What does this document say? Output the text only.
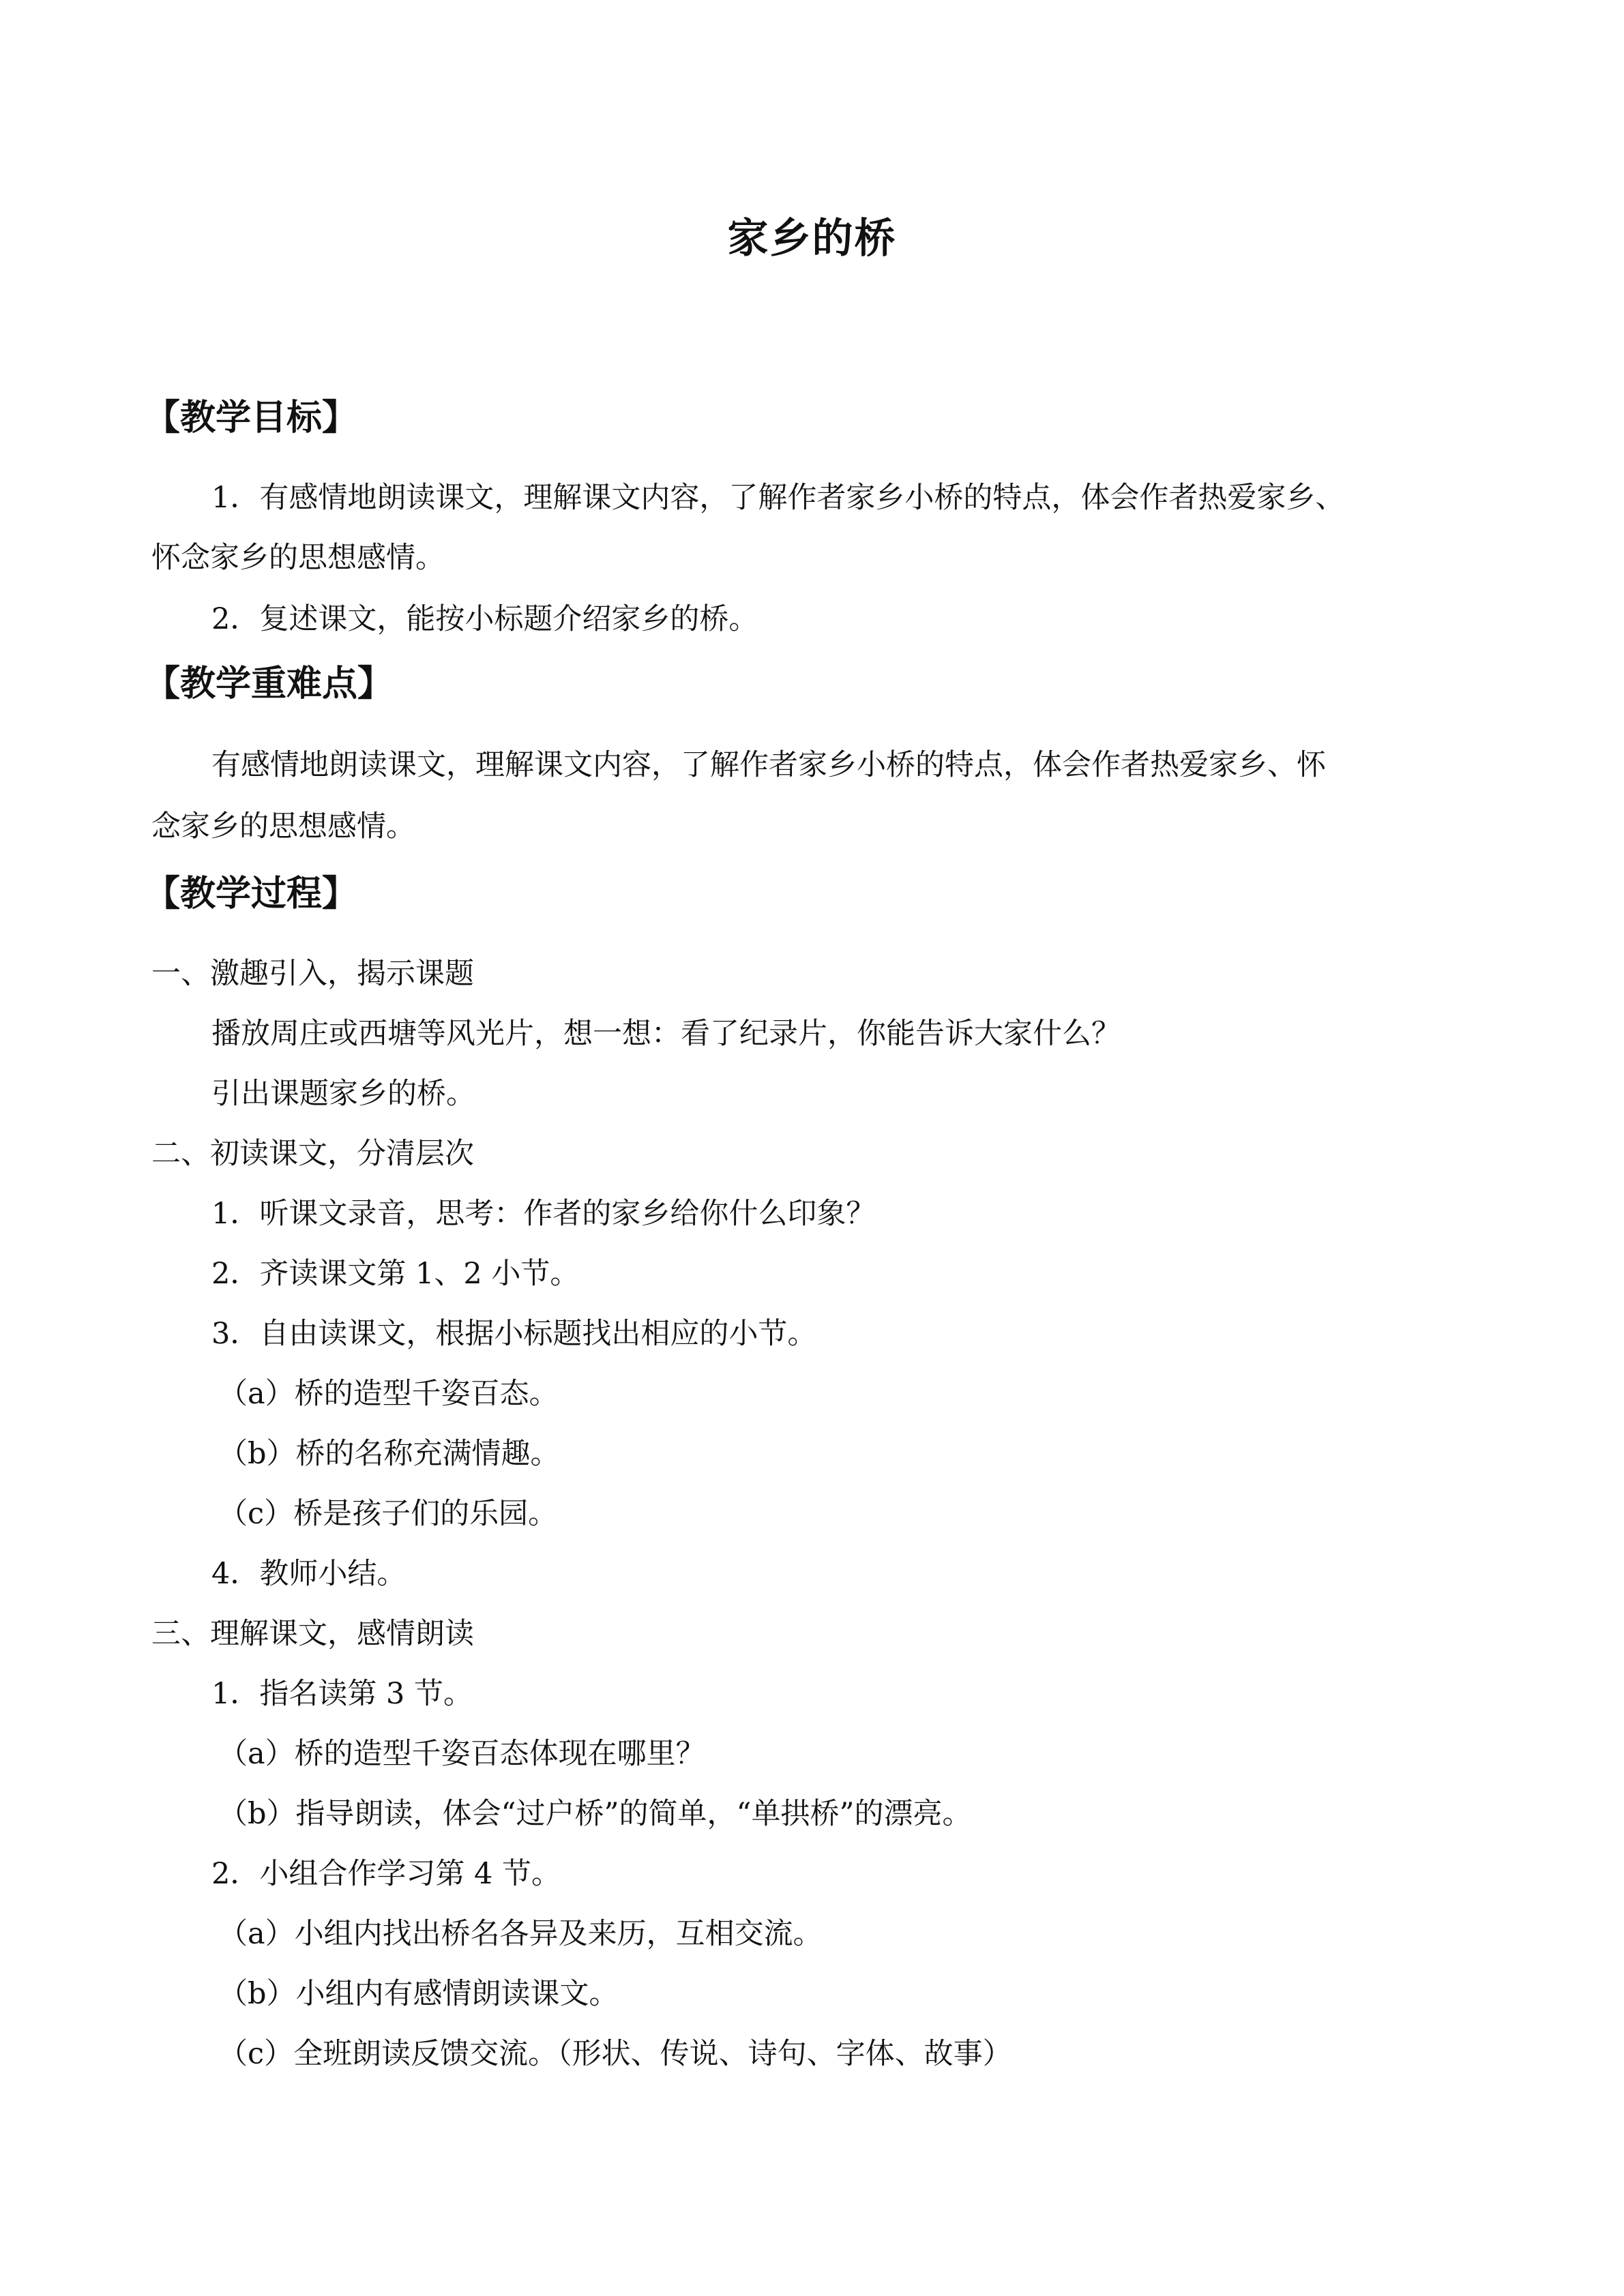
家乡的桥
【教学目标】
1．有感情地朗读课文，理解课文内容，了解作者家乡小桥的特点，体会作者热爱家乡、
怀念家乡的思想感情。
2．复述课文，能按小标题介绍家乡的桥。
【教学重难点】
有感情地朗读课文，理解课文内容，了解作者家乡小桥的特点，体会作者热爱家乡、怀
念家乡的思想感情。
【教学过程】
一、激趣引入，揭示课题
播放周庄或西塘等风光片，想一想：看了纪录片，你能告诉大家什么？
引出课题家乡的桥。
二、初读课文，分清层次
1．听课文录音，思考：作者的家乡给你什么印象？
2．齐读课文第 1、2 小节。
3．自由读课文，根据小标题找出相应的小节。
（a）桥的造型千姿百态。
（b）桥的名称充满情趣。
（c）桥是孩子们的乐园。
4．教师小结。
三、理解课文，感情朗读
1．指名读第 3 节。
（a）桥的造型千姿百态体现在哪里？
（b）指导朗读，体会“过户桥”的简单，“单拱桥”的漂亮。
2．小组合作学习第 4 节。
（a）小组内找出桥名各异及来历，互相交流。
（b）小组内有感情朗读课文。
（c）全班朗读反馈交流。（形状、传说、诗句、字体、故事）
